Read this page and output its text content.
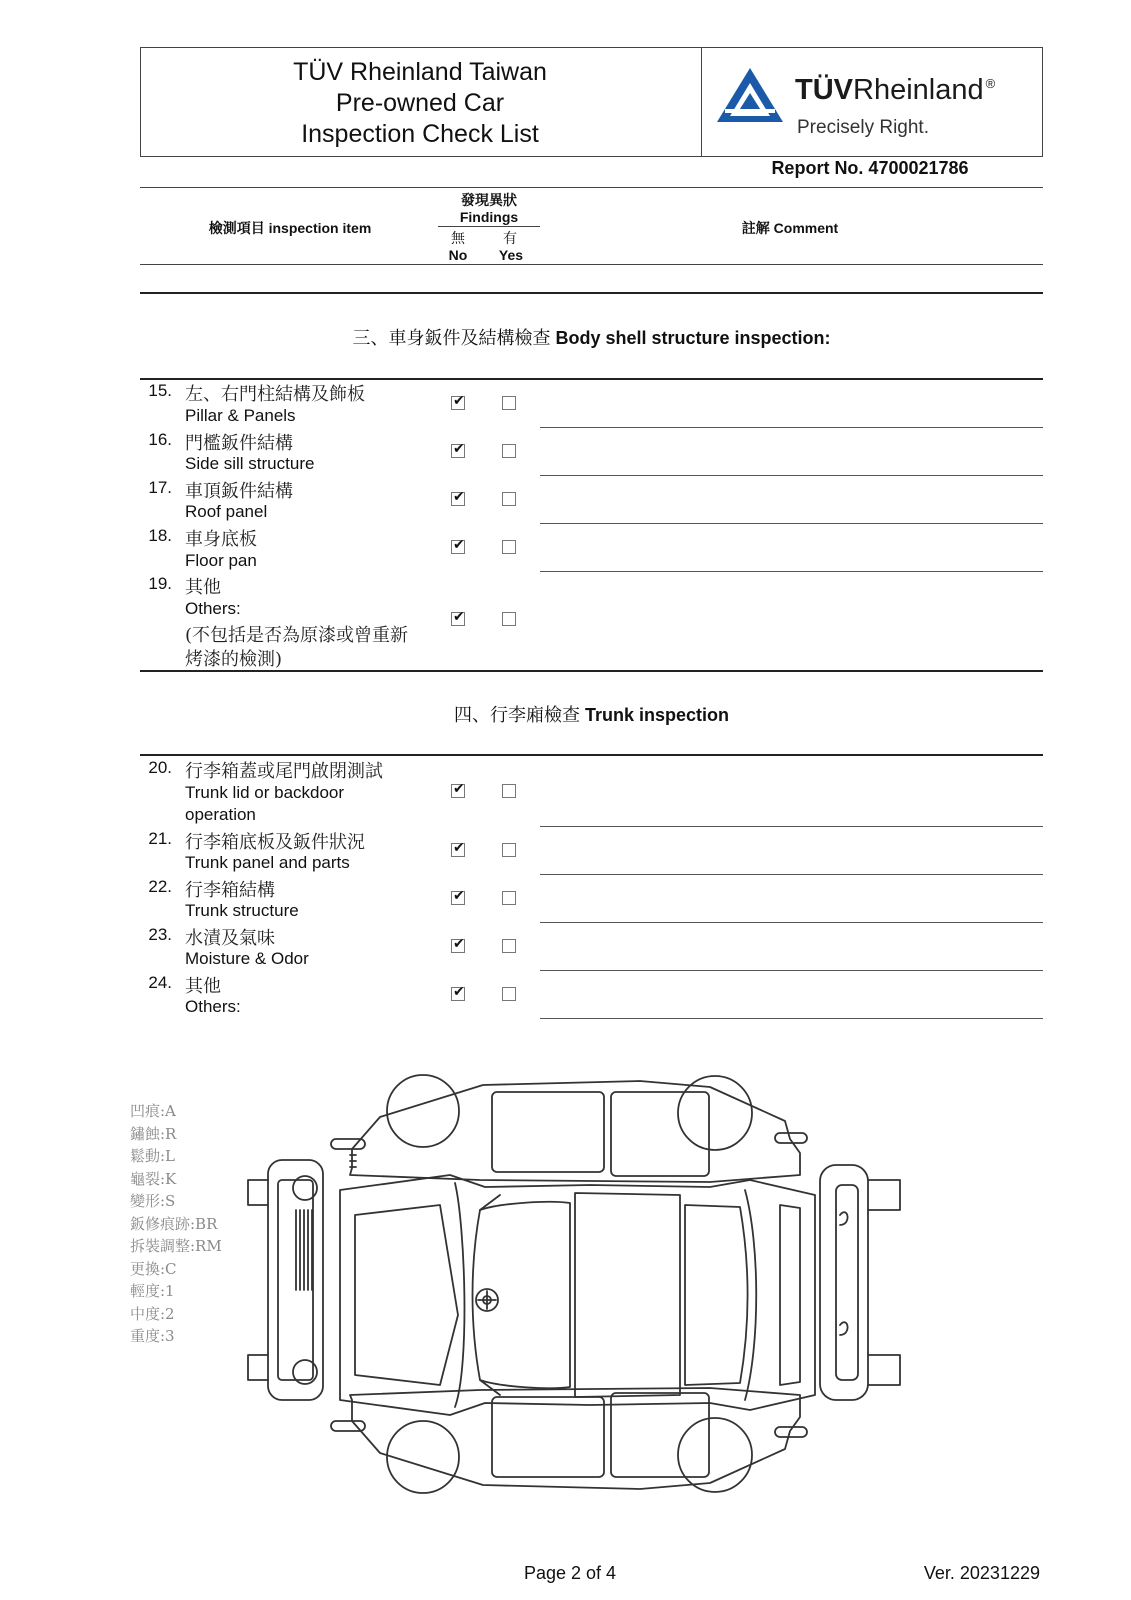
TÜV Rheinland Taiwan
Pre-owned Car
Inspection Check List
TÜVRheinland ®
Precisely Right.
Report No. 4700021786
檢測項目 inspection item
發現異狀
Findings
無	有
No Yes
註解 Comment
三、車身鈑件及結構檢查 Body shell structure inspection:
15. 左、右門柱結構及飾板
Pillar & Panels
✔
16. 門檻鈑件結構
Side sill structure
✔
17. 車頂鈑件結構
Roof panel
✔
18. 車身底板
Floor pan
✔
19. 其他
Others:
(不包括是否為原漆或曾重新
烤漆的檢測)
✔
四、行李廂檢查 Trunk inspection
20. 行李箱蓋或尾門啟閉測試
Trunk lid or backdoor
operation
✔
21. 行李箱底板及鈑件狀況
Trunk panel and parts
✔
22. 行李箱結構
Trunk structure
✔
23. 水漬及氣味
Moisture & Odor
✔
24. 其他
Others:
✔
凹痕:A
鏽蝕:R
鬆動:L
龜裂:K
變形:S
鈑修痕跡:BR
拆裝調整:RM
更換:C
輕度:1
中度:2
重度:3
Page 2 of 4	Ver. 20231229
